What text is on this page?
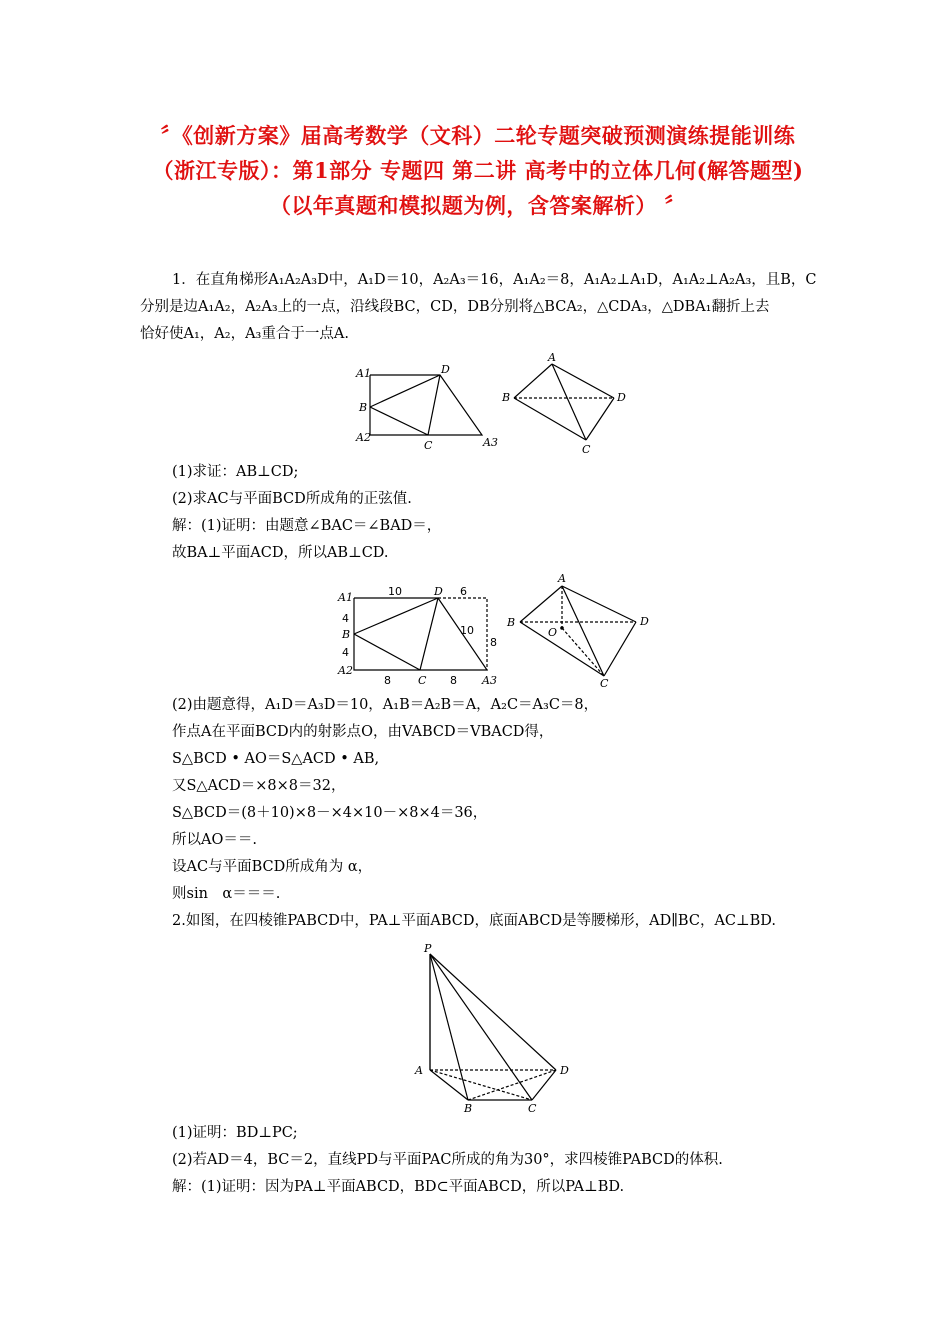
〞《创新方案》届高考数学（文科）二轮专题突破预测演练提能训练（浙江专版）：第1部分 专题四 第二讲 高考中的立体几何(解答题型) （以年真题和模拟题为例，含答案解析） 〞
1．在直角梯形A₁A₂A₃D中，A₁D＝10，A₂A₃＝16，A₁A₂＝8，A₁A₂⊥A₁D，A₁A₂⊥A₂A₃，且B，C
分别是边A₁A₂，A₂A₃上的一点，沿线段BC，CD，DB分别将△BCA₂，△CDA₃，△DBA₁翻折上去
恰好使A₁，A₂，A₃重合于一点A.
A1	D
B
A2
C	A3
A
B	D
C
(1)求证：AB⊥CD;
(2)求AC与平面BCD所成角的正弦值.
解：(1)证明：由题意∠BAC＝∠BAD＝，
故BA⊥平面ACD，所以AB⊥CD.
A1	10	D 6
4
B	10
8
4
A2
8 C 8 A3
A
B	D
O
C
(2)由题意得，A₁D＝A₃D＝10，A₁B＝A₂B＝A，A₂C＝A₃C＝8，
作点A在平面BCD内的射影点O，由VABCD＝VBACD得，
S△BCD • AO＝S△ACD • AB,
又S△ACD＝×8×8＝32，
S△BCD＝(8＋10)×8－×4×10－×8×4＝36，
所以AO＝＝.
设AC与平面BCD所成角为 α，
则sin　α＝＝＝.
2.如图，在四棱锥PABCD中，PA⊥平面ABCD，底面ABCD是等腰梯形，AD∥BC，AC⊥BD.
P
A	D
B	C
(1)证明：BD⊥PC;
(2)若AD＝4，BC＝2，直线PD与平面PAC所成的角为30°，求四棱锥PABCD的体积.
解：(1)证明：因为PA⊥平面ABCD，BD⊂平面ABCD，所以PA⊥BD.
